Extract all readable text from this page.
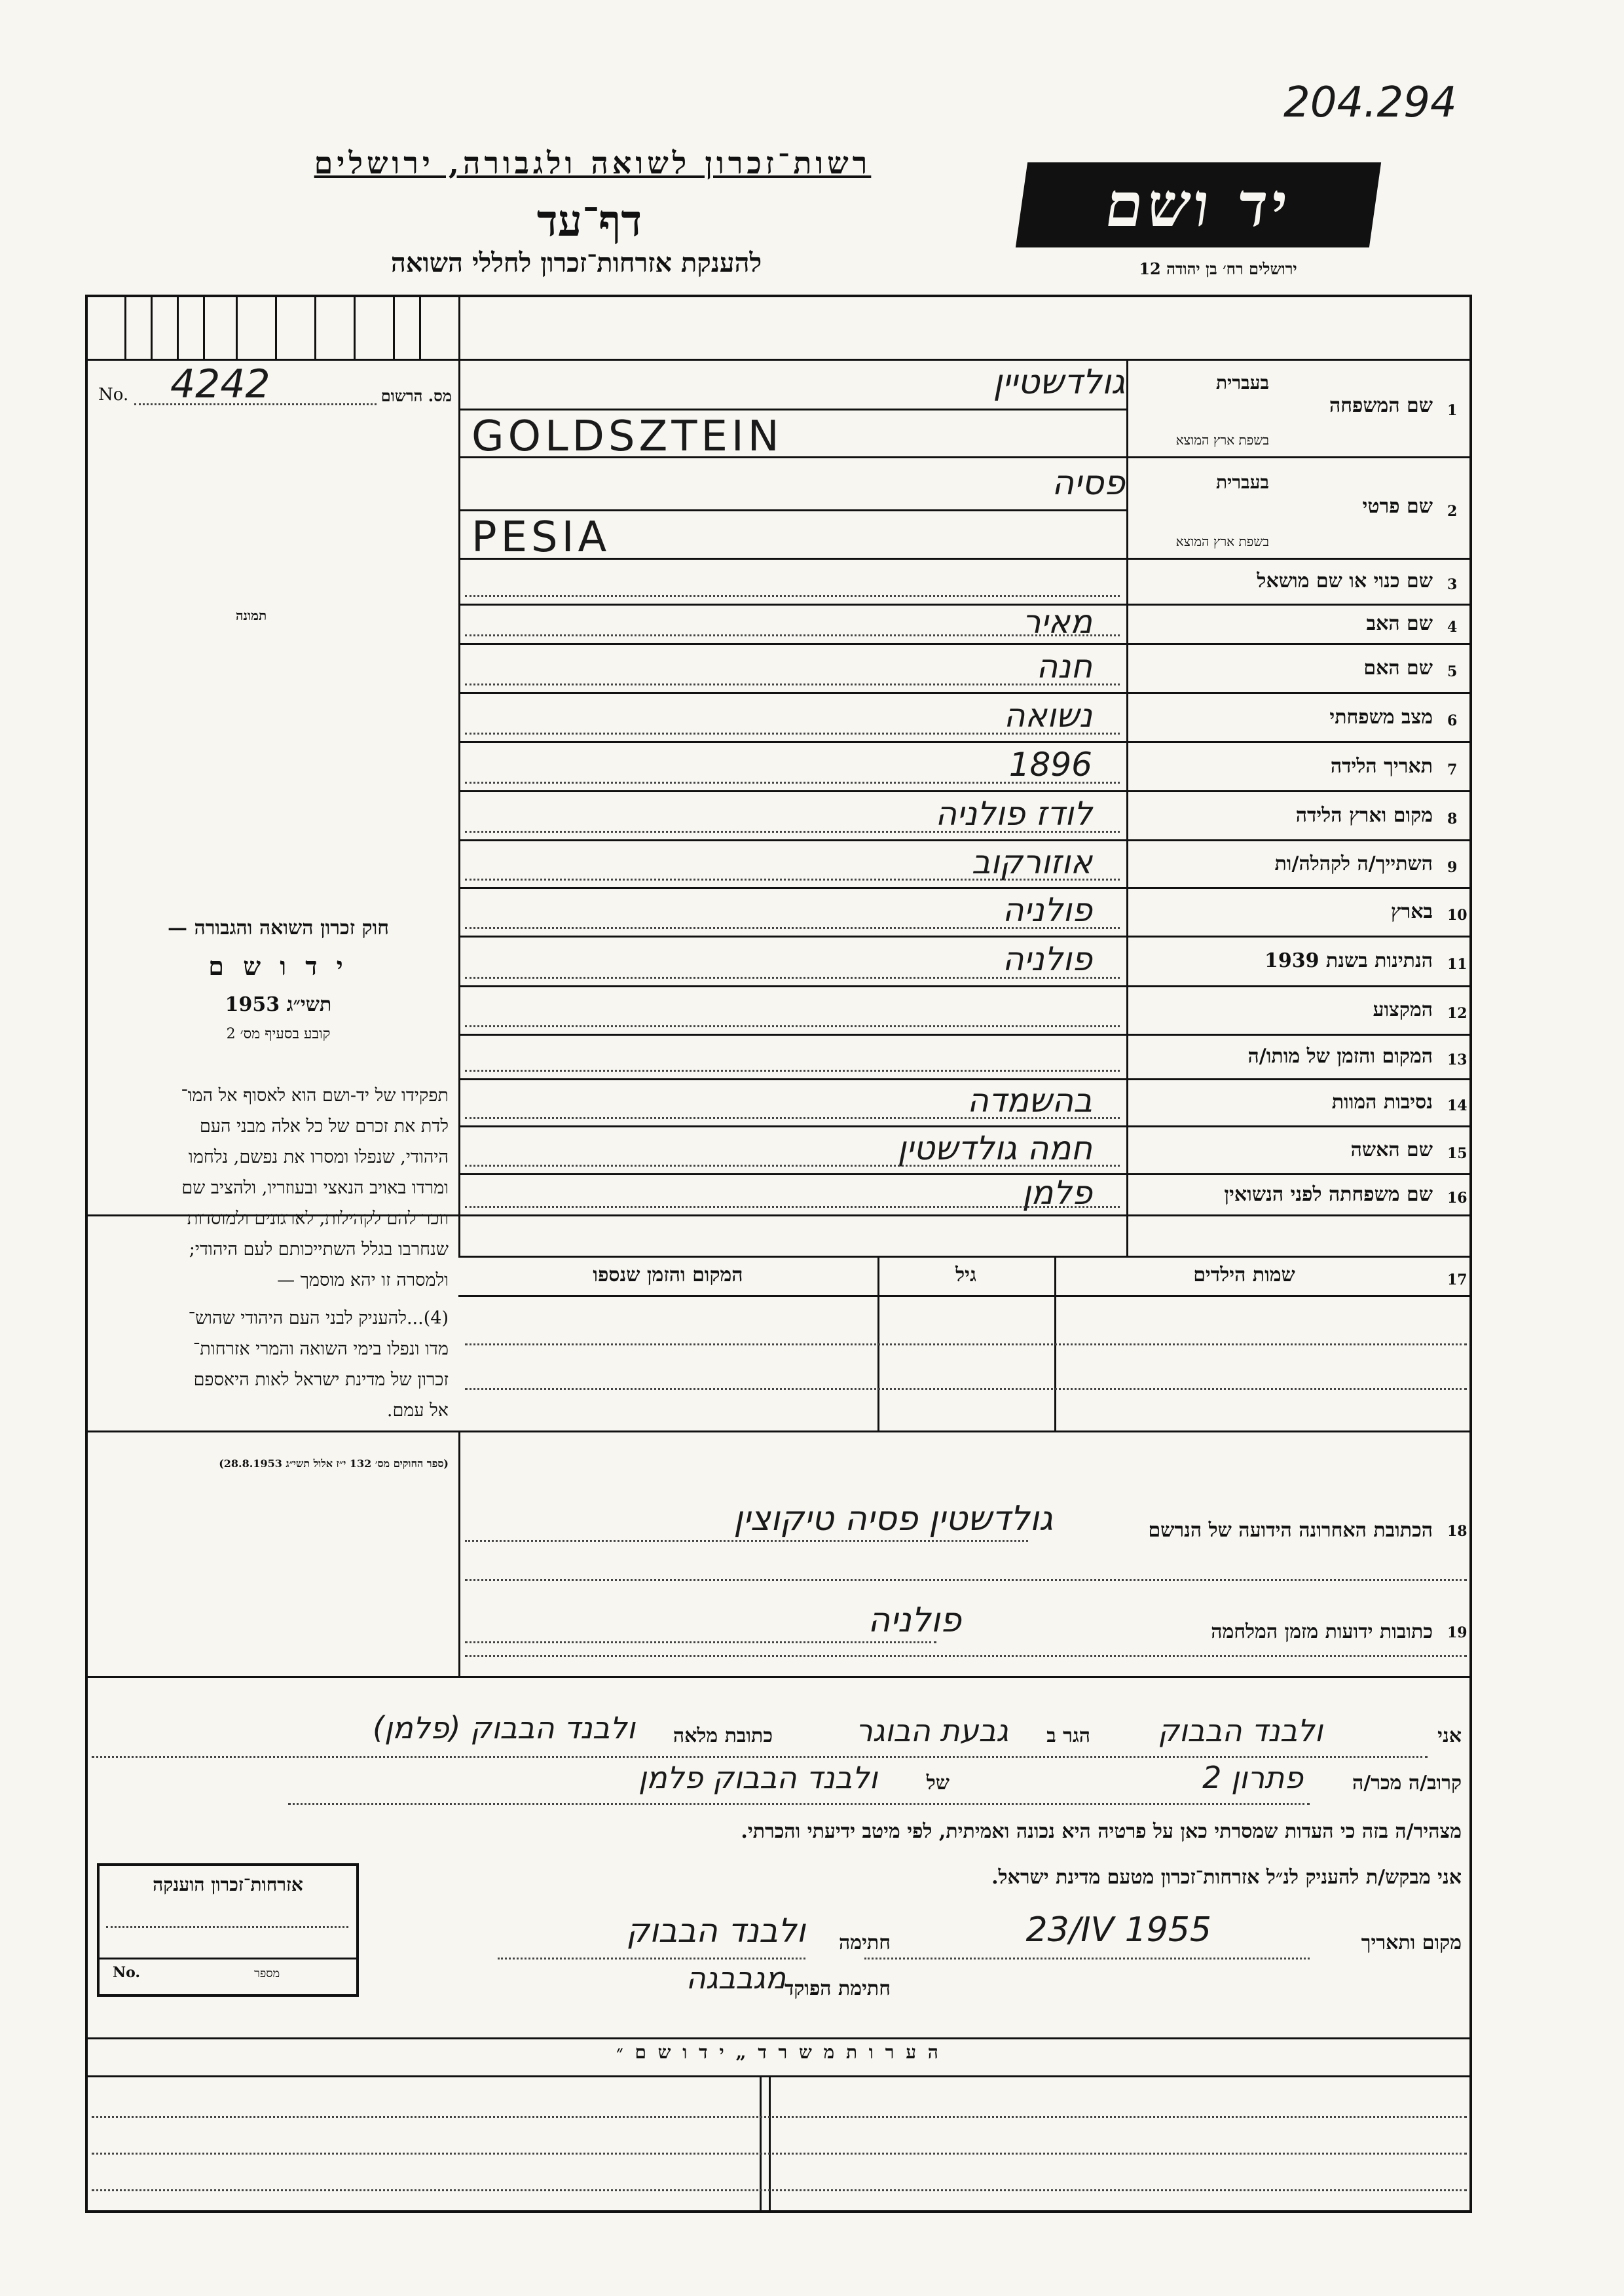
204.294
רשות־זכרון לשואה ולגבורה, ירושלים
דף־עד
להענקת אזרחות־זכרון לחללי השואה
יד ושם
ירושלים רח׳ בן יהודה 12
No. 4242	מס. הרשום
תמונה
1
שם המשפחה
בעברית
בשפת ארץ המוצא
גולדשטיין
GOLDSZTEIN
2
שם פרטי
בעברית
בשפת ארץ המוצא
פסיה
PESIA
3
שם כנוי או שם מושאל
4
שם האב
מאיר
5
שם האם
חנה
6
מצב משפחתי
נשואה
7
תאריך הלידה
1896
8
מקום וארץ הלידה
לודז פולניה
9
השתייך/ה לקהלה/ות
אוזורקוב
10
בארץ
פולניה
11
הנתינות בשנת 1939
פולניה
12
המקצוע
13
המקום והזמן של מותו/ה
14
נסיבות המוות
בהשמדה
15
שם האשה
חמה גולדשטין
16
שם משפחתה לפני הנשואין
פלמן
חוק זכרון השואה והגבורה —
י ד ו ש ם
תשי״ג 1953
קובע בסעיף מס׳ 2
תפקידו של יד-ושם הוא לאסוף אל המו־
לדת את זכרם של כל אלה מבני העם
היהודי, שנפלו ומסרו את נפשם, נלחמו
ומרדו באויב הנאצי ובעוזריו, ולהציב שם
וזכר להם לקהילות, לארגונים ולמוסדות
שנחרבו בגלל השתייכותם לעם היהודי;
ולמסרה זו יהא מוסמך —
(4)...להעניק לבני העם היהודי שהוש־
מדו ונפלו בימי השואה והמרי אזרחות־
זכרון של מדינת ישראל לאות היאספם
אל עמם.
(ספר החוקים מס׳ 132 י״ז אלול תשי״ג 28.8.1953)
17
שמות הילדים
גיל
המקום והזמן שנספו
18
הכתובת האחרונה הידועה של הנרשם
גולדשטין פסיה טיקוצין
19
כתובות ידועות מזמן המלחמה
פולניה
אני
ולבנד הבבוק
הגר ב
גבעת הבוגר
כתובת מלאה
ולבנד הבבוק (פלמן)
קרוב/ה מכר/ה
פתרון 2
של
ולבנד הבבוק פלמן
מצהיר/ה בזה כי העדות שמסרתי כאן על פרטיה היא נכונה ואמיתית, לפי מיטב ידיעתי והכרתי.
אני מבקש/ת להעניק לנ״ל אזרחות־זכרון מטעם מדינת ישראל.
מקום ותאריך
23/IV 1955
חתימה
ולבנד הבבוק
חתימת הפוקד
מגבבגה
אזרחות־זכרון הוענקה
No.	מספר
ה ע ר ו ת מ ש ר ד „ י ד ו ש ם ״
